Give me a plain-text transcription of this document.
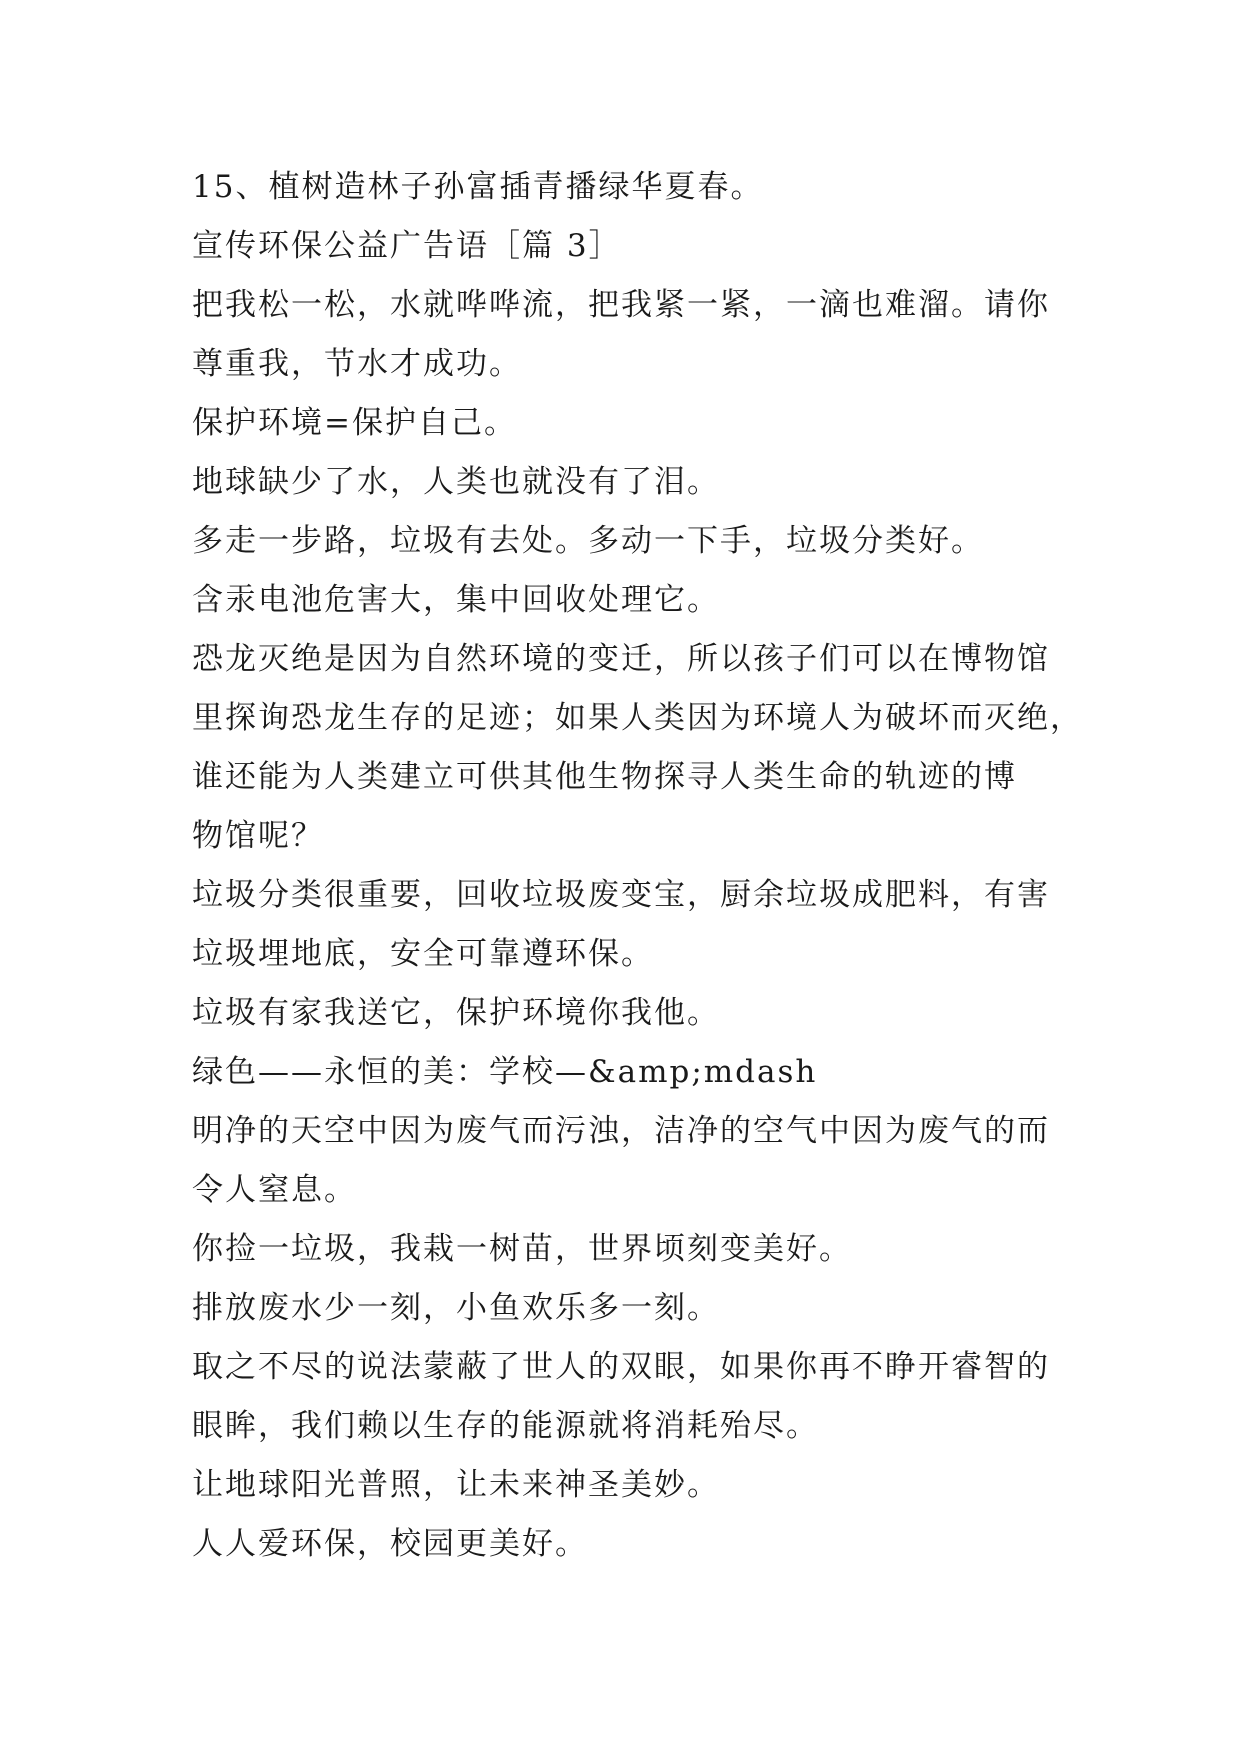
15、植树造林子孙富插青播绿华夏春。

宣传环保公益广告语［篇 3］

把我松一松，水就哗哗流，把我紧一紧，一滴也难溜。请你

尊重我，节水才成功。

保护环境=保护自己。

地球缺少了水，人类也就没有了泪。

多走一步路，垃圾有去处。多动一下手，垃圾分类好。

含汞电池危害大，集中回收处理它。

恐龙灭绝是因为自然环境的变迁，所以孩子们可以在博物馆

里探询恐龙生存的足迹；如果人类因为环境人为破坏而灭绝，

谁还能为人类建立可供其他生物探寻人类生命的轨迹的博

物馆呢？

垃圾分类很重要，回收垃圾废变宝，厨余垃圾成肥料，有害

垃圾埋地底，安全可靠遵环保。

垃圾有家我送它，保护环境你我他。

绿色——永恒的美：学校—&amp;mdash

明净的天空中因为废气而污浊，洁净的空气中因为废气的而

令人窒息。

你捡一垃圾，我栽一树苗，世界顷刻变美好。

排放废水少一刻，小鱼欢乐多一刻。

取之不尽的说法蒙蔽了世人的双眼，如果你再不睁开睿智的

眼眸，我们赖以生存的能源就将消耗殆尽。

让地球阳光普照，让未来神圣美妙。

人人爱环保，校园更美好。
